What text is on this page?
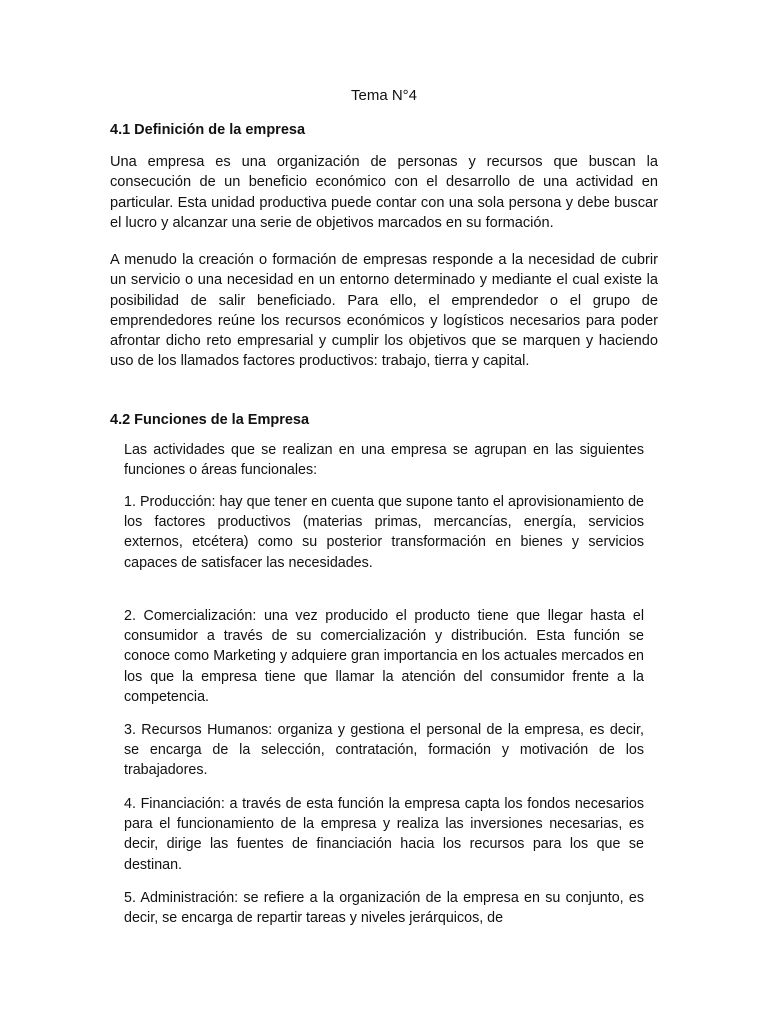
Tema N°4
4.1 Definición de la empresa

Una empresa es una organización de personas y recursos que buscan la consecución de un beneficio económico con el desarrollo de una actividad en particular. Esta unidad productiva puede contar con una sola persona y debe buscar el lucro y alcanzar una serie de objetivos marcados en su formación.

A menudo la creación o formación de empresas responde a la necesidad de cubrir un servicio o una necesidad en un entorno determinado y mediante el cual existe la posibilidad de salir beneficiado. Para ello, el emprendedor o el grupo de emprendedores reúne los recursos económicos y logísticos necesarios para poder afrontar dicho reto empresarial y cumplir los objetivos que se marquen y haciendo uso de los llamados factores productivos: trabajo, tierra y capital.

4.2 Funciones de la Empresa

Las actividades que se realizan en una empresa se agrupan en las siguientes funciones o áreas funcionales:

1. Producción: hay que tener en cuenta que supone tanto el aprovisionamiento de los factores productivos (materias primas, mercancías, energía, servicios externos, etcétera) como su posterior transformación en bienes y servicios capaces de satisfacer las necesidades.

2. Comercialización: una vez producido el producto tiene que llegar hasta el consumidor a través de su comercialización y distribución. Esta función se conoce como Marketing y adquiere gran importancia en los actuales mercados en los que la empresa tiene que llamar la atención del consumidor frente a la competencia.

3. Recursos Humanos: organiza y gestiona el personal de la empresa, es decir, se encarga de la selección, contratación, formación y motivación de los trabajadores.

4. Financiación: a través de esta función la empresa capta los fondos necesarios para el funcionamiento de la empresa y realiza las inversiones necesarias, es decir, dirige las fuentes de financiación hacia los recursos para los que se destinan.

5. Administración: se refiere a la organización de la empresa en su conjunto, es decir, se encarga de repartir tareas y niveles jerárquicos, de
